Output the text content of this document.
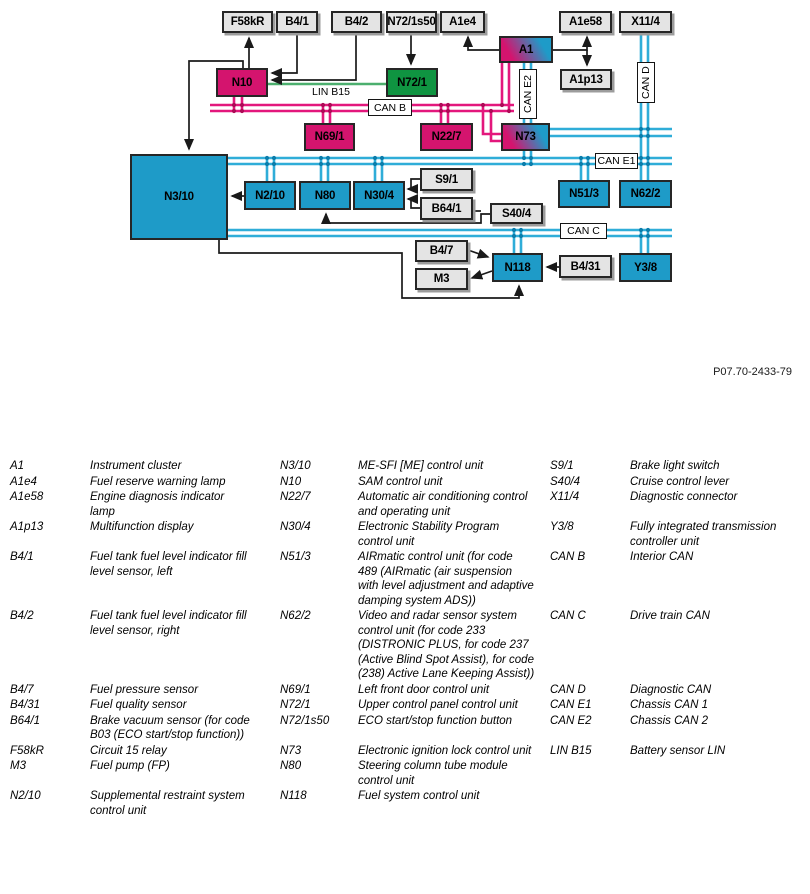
F58kR	B4/1	B4/2	N72/1s50	A1e4	A1e58	X11/4
A1p13
S9/1
B64/1	S40/4
B4/7
M3
B4/31
N10
N69/1	N22/7
N72/1
A1
N73
N3/10	N2/10	N80	N30/4	N51/3	N62/2
N118	Y3/8
CAN B
CAN E1
CAN C
CAN E2	CAN D
LIN B15
P07.70-2433-79
A1	Instrument cluster	N3/10	ME-SFI [ME] control unit	S9/1	Brake light switch
A1e4	Fuel reserve warning lamp	N10	SAM control unit	S40/4	Cruise control lever
A1e58	Engine diagnosis indicator lamp	N22/7	Automatic air conditioning control and operating unit	X11/4	Diagnostic connector
A1p13	Multifunction display	N30/4	Electronic Stability Program control unit	Y3/8	Fully integrated transmission controller unit
B4/1	Fuel tank fuel level indicator fill level sensor, left	N51/3	AIRmatic control unit (for code 489 (AIRmatic (air suspension with level adjustment and adaptive damping system ADS))	CAN B	Interior CAN
B4/2	Fuel tank fuel level indicator fill level sensor, right	N62/2	Video and radar sensor system control unit (for code 233 (DISTRONIC PLUS, for code 237 (Active Blind Spot Assist), for code (238) Active Lane Keeping Assist))	CAN C	Drive train CAN
B4/7	Fuel pressure sensor	N69/1	Left front door control unit	CAN D	Diagnostic CAN
B4/31	Fuel quality sensor	N72/1	Upper control panel control unit	CAN E1	Chassis CAN 1
B64/1	Brake vacuum sensor (for code B03 (ECO start/stop function))	N72/1s50	ECO start/stop function button	CAN E2	Chassis CAN 2
F58kR	Circuit 15 relay	N73	Electronic ignition lock control unit	LIN B15	Battery sensor LIN
M3	Fuel pump (FP)	N80	Steering column tube module control unit		
N2/10	Supplemental restraint system control unit	N118	Fuel system control unit		
